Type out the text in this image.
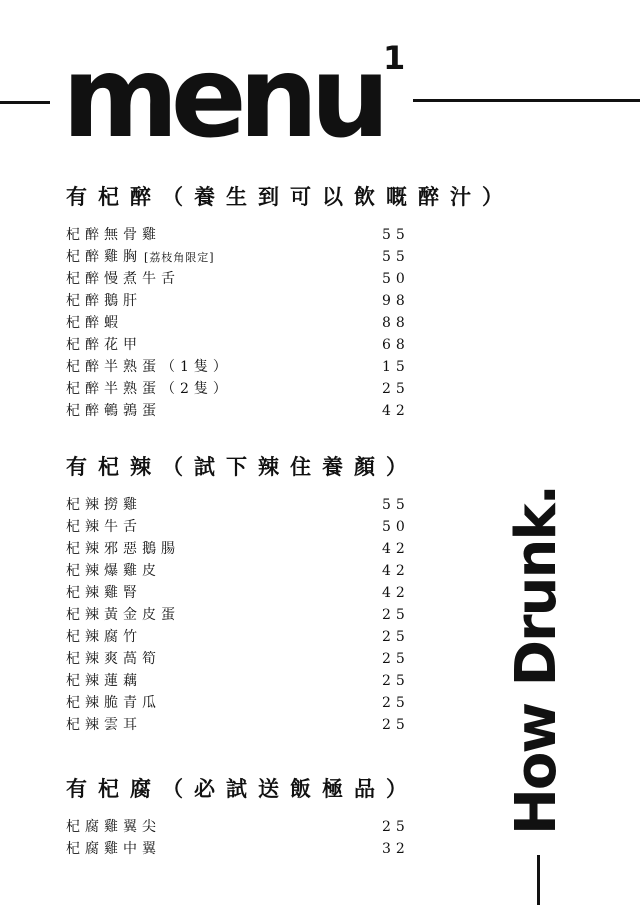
menu 1
有杞醉（養生到可以飲嘅醉汁）
杞醉無骨雞	55
杞醉雞胸 [荔枝角限定]	55
杞醉慢煮牛舌	50
杞醉鵝肝	98
杞醉蝦	88
杞醉花甲	68
杞醉半熟蛋（1隻）	15
杞醉半熟蛋（2隻）	25
杞醉鵪鶉蛋	42
有杞辣（試下辣住養顏）
杞辣撈雞	55
杞辣牛舌	50
杞辣邪惡鵝腸	42
杞辣爆雞皮	42
杞辣雞腎	42
杞辣黃金皮蛋	25
杞辣腐竹	25
杞辣爽萵筍	25
杞辣蓮藕	25
杞辣脆青瓜	25
杞辣雲耳	25
有杞腐（必試送飯極品）
杞腐雞翼尖	25
杞腐雞中翼	32
How Drunk.
